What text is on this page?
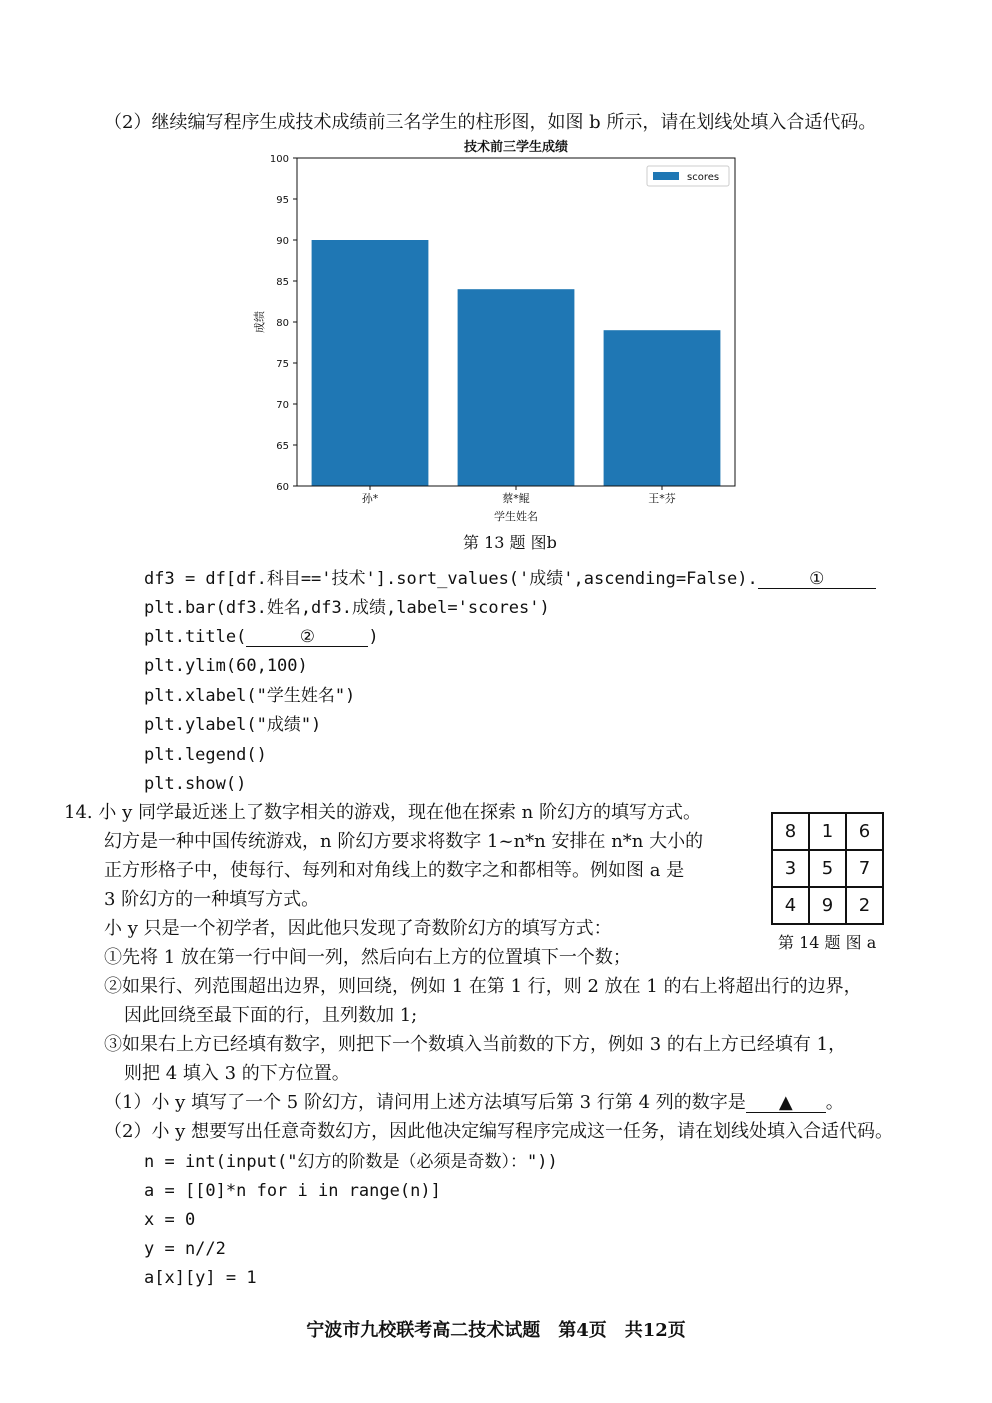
（2）继续编写程序生成技术成绩前三名学生的柱形图，如图 b 所示，请在划线处填入合适代码。
技术前三学生成绩
孙*	蔡*鲲	王*芬
60
65
70
75
80
85
90
95
100
学生姓名
成绩
scores
第 13 题 图b
df3 = df[df.科目=='技术'].sort_values('成绩',ascending=False).	①
plt.bar(df3.姓名,df3.成绩,label='scores')
plt.title(	②	)
plt.ylim(60,100)
plt.xlabel("学生姓名")
plt.ylabel("成绩")
plt.legend()
plt.show()
14. 小 y 同学最近迷上了数字相关的游戏，现在他在探索 n 阶幻方的填写方式。
幻方是一种中国传统游戏，n 阶幻方要求将数字 1~n*n 安排在 n*n 大小的
正方形格子中，使每行、每列和对角线上的数字之和都相等。例如图 a 是
3 阶幻方的一种填写方式。
小 y 只是一个初学者，因此他只发现了奇数阶幻方的填写方式：
①先将 1 放在第一行中间一列，然后向右上方的位置填下一个数；
②如果行、列范围超出边界，则回绕，例如 1 在第 1 行，则 2 放在 1 的右上将超出行的边界，
因此回绕至最下面的行，且列数加 1;
③如果右上方已经填有数字，则把下一个数填入当前数的下方，例如 3 的右上方已经填有 1，
则把 4 填入 3 的下方位置。
8	1	6
3	5	7
4	9	2
第 14 题 图 a
（1）小 y 填写了一个 5 阶幻方，请问用上述方法填写后第 3 行第 4 列的数字是 ▲ 。
（2）小 y 想要写出任意奇数幻方，因此他决定编写程序完成这一任务，请在划线处填入合适代码。
n = int(input("幻方的阶数是（必须是奇数）："))
a = [[0]*n for i in range(n)]
x = 0
y = n//2
a[x][y] = 1
宁波市九校联考高二技术试题　第4页　共12页
